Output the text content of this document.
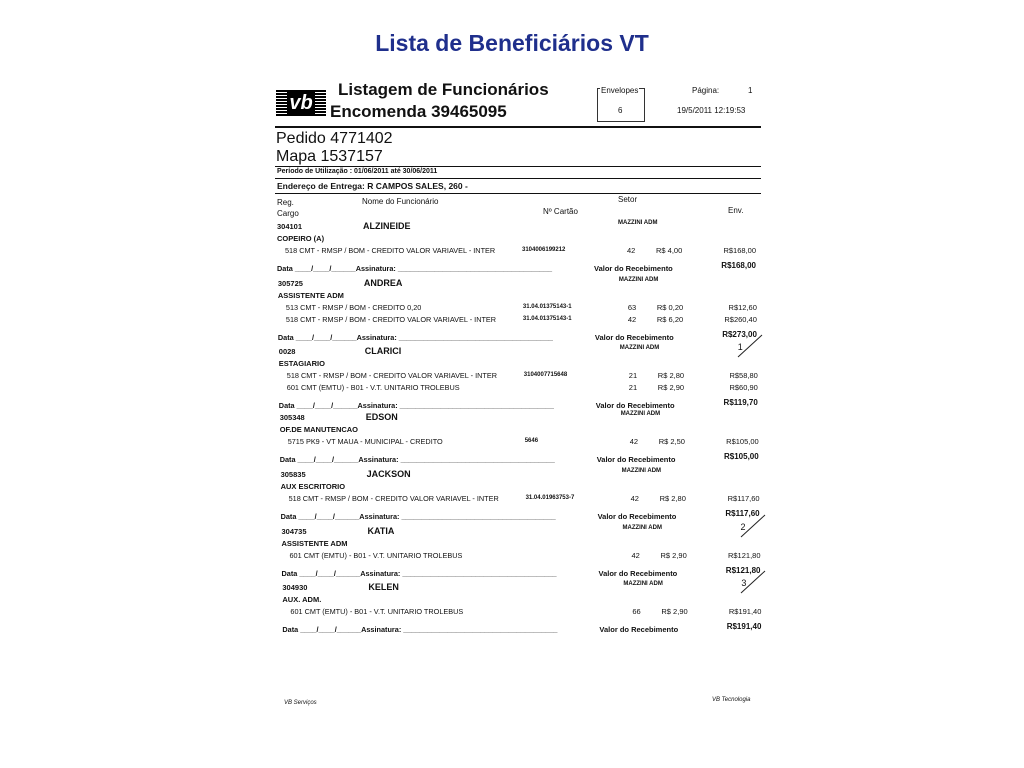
Lista de Beneficiários VT
vb
Listagem de Funcionários
Encomenda 39465095
Envelopes
6
Página:	1
19/5/2011 12:19:53
Pedido 4771402
Mapa 1537157
Período de Utilização : 01/06/2011 até 30/06/2011
Endereço de Entrega: R CAMPOS SALES, 260 -
Reg.	Nome do Funcionário	Setor
Cargo	Nº Cartão	Env.
304101	ALZINEIDE	MAZZINI ADM
COPEIRO (A)
518 CMT - RMSP / BOM - CREDITO VALOR VARIAVEL - INTER	3104006199212	42	R$ 4,00	R$168,00
Data ____/____/______Assinatura: ______________________________________	Valor do Recebimento	R$168,00
305725	ANDREA	MAZZINI ADM
ASSISTENTE ADM
513 CMT - RMSP / BOM - CREDITO 0,20	31.04.01375143-1	63	R$ 0,20	R$12,60
518 CMT - RMSP / BOM - CREDITO VALOR VARIAVEL - INTER	31.04.01375143-1	42	R$ 6,20	R$260,40
Data ____/____/______Assinatura: ______________________________________	Valor do Recebimento	R$273,00
0028	CLARICI	MAZZINI ADM
ESTAGIARIO
518 CMT - RMSP / BOM - CREDITO VALOR VARIAVEL - INTER	3104007715648	21	R$ 2,80	R$58,80
601 CMT (EMTU) - B01 - V.T. UNITARIO TROLEBUS	21	R$ 2,90	R$60,90
Data ____/____/______Assinatura: ______________________________________	Valor do Recebimento	R$119,70
1
305348	EDSON	MAZZINI ADM
OF.DE MANUTENCAO
5715 PK9 - VT MAUA - MUNICIPAL - CREDITO	5646	42	R$ 2,50	R$105,00
Data ____/____/______Assinatura: ______________________________________	Valor do Recebimento	R$105,00
305835	JACKSON	MAZZINI ADM
AUX ESCRITORIO
518 CMT - RMSP / BOM - CREDITO VALOR VARIAVEL - INTER	31.04.01963753-7	42	R$ 2,80	R$117,60
Data ____/____/______Assinatura: ______________________________________	Valor do Recebimento	R$117,60
304735	KATIA	MAZZINI ADM
ASSISTENTE ADM
601 CMT (EMTU) - B01 - V.T. UNITARIO TROLEBUS	42	R$ 2,90	R$121,80
Data ____/____/______Assinatura: ______________________________________	Valor do Recebimento	R$121,80
2
304930	KELEN	MAZZINI ADM
AUX. ADM.
601 CMT (EMTU) - B01 - V.T. UNITARIO TROLEBUS	66	R$ 2,90	R$191,40
Data ____/____/______Assinatura: ______________________________________	Valor do Recebimento	R$191,40
3
VB Serviços	VB Tecnologia
